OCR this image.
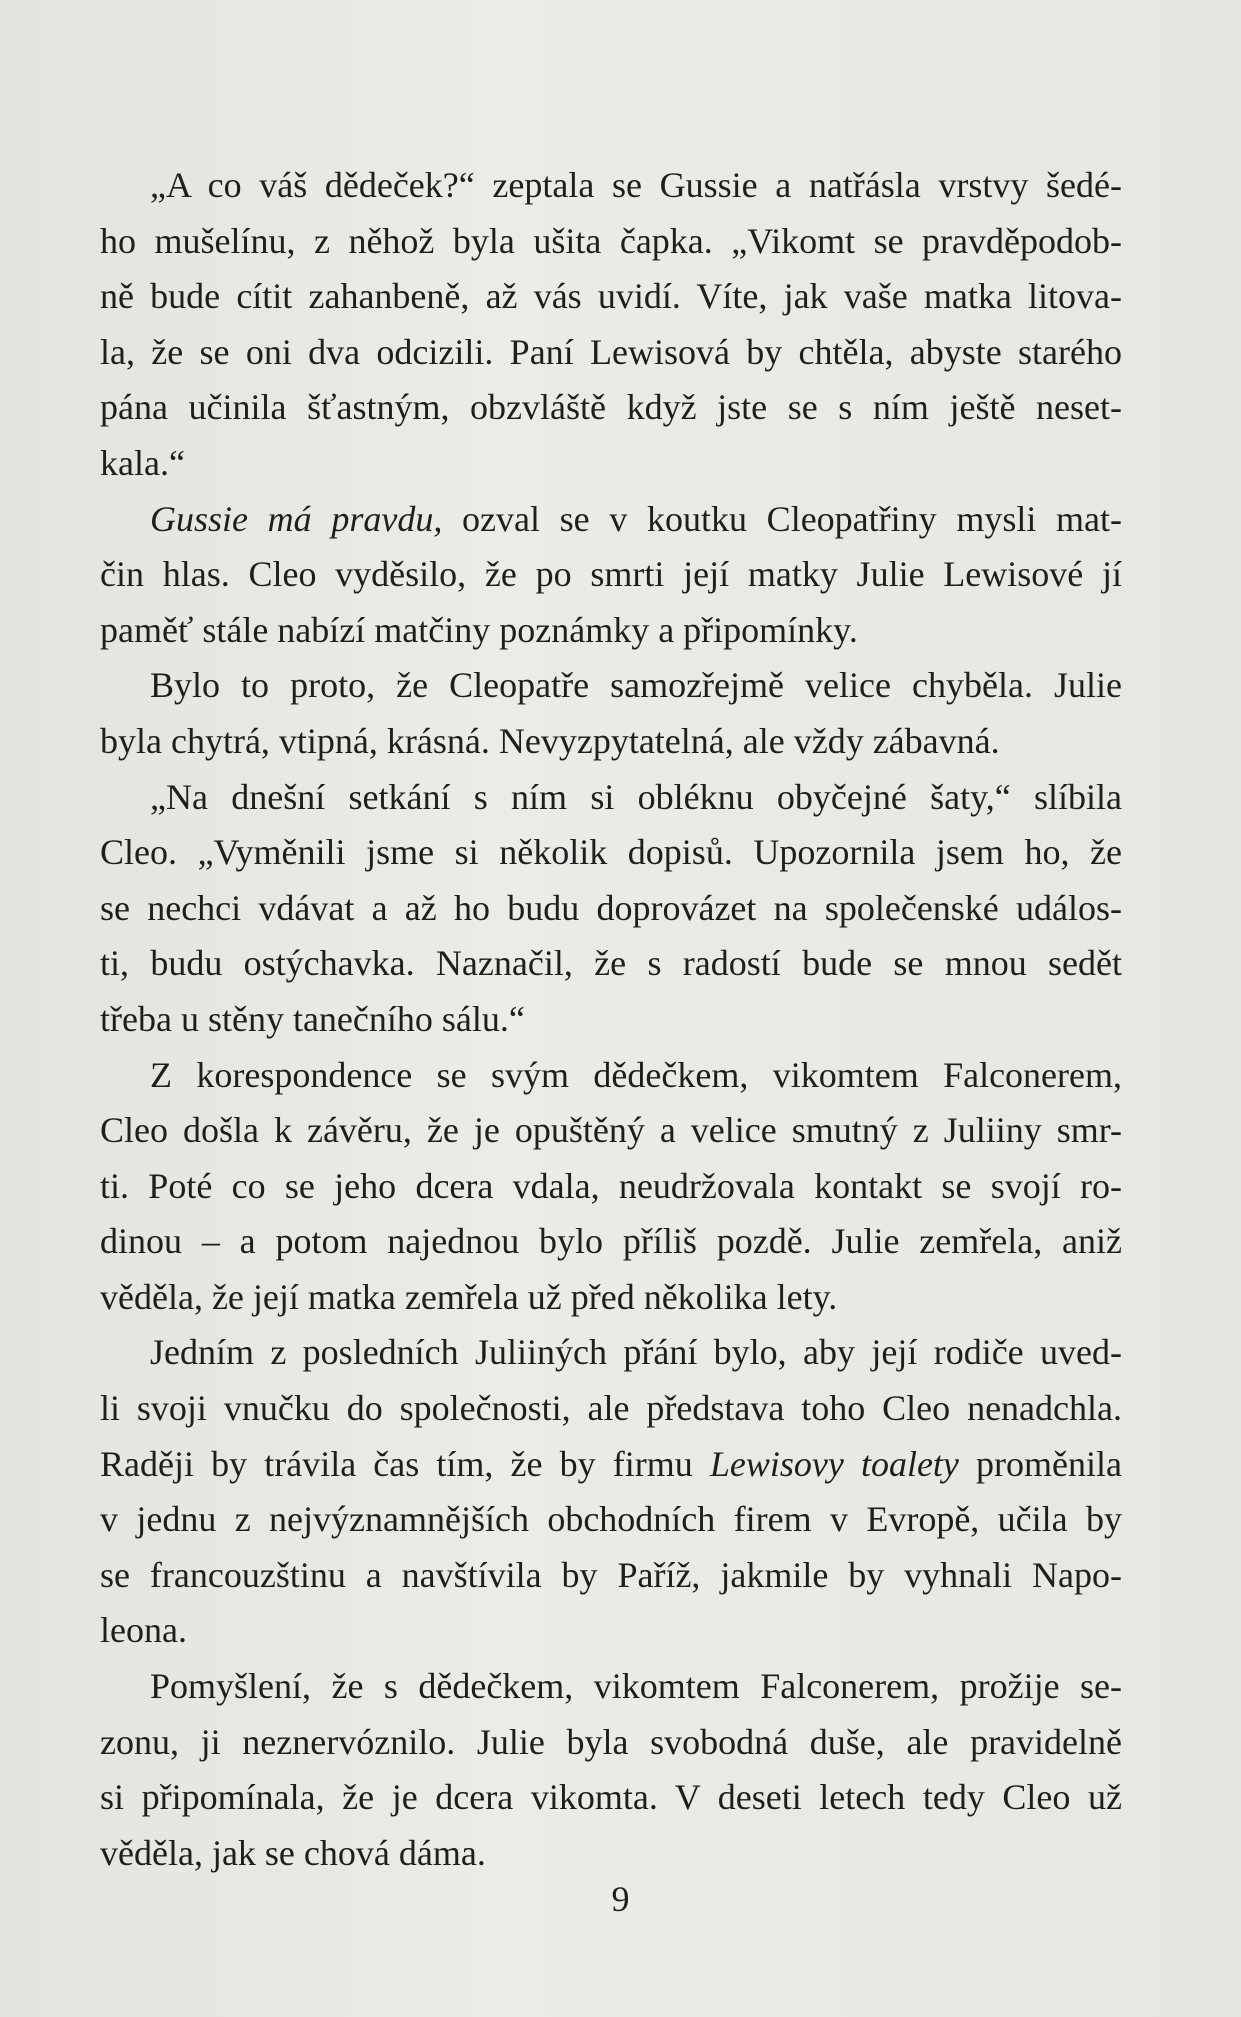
„A co váš dědeček?“ zeptala se Gussie a natřásla vrstvy šedé-
ho mušelínu, z něhož byla ušita čapka. „Vikomt se pravděpodob-
ně bude cítit zahanbeně, až vás uvidí. Víte, jak vaše matka litova-
la, že se oni dva odcizili. Paní Lewisová by chtěla, abyste starého
pána učinila šťastným, obzvláště když jste se s ním ještě neset-
kala.“

Gussie má pravdu, ozval se v koutku Cleopatřiny mysli mat-
čin hlas. Cleo vyděsilo, že po smrti její matky Julie Lewisové jí
paměť stále nabízí matčiny poznámky a připomínky.

Bylo to proto, že Cleopatře samozřejmě velice chyběla. Julie
byla chytrá, vtipná, krásná. Nevyzpytatelná, ale vždy zábavná.

„Na dnešní setkání s ním si obléknu obyčejné šaty,“ slíbila
Cleo. „Vyměnili jsme si několik dopisů. Upozornila jsem ho, že
se nechci vdávat a až ho budu doprovázet na společenské událos-
ti, budu ostýchavka. Naznačil, že s radostí bude se mnou sedět
třeba u stěny tanečního sálu.“

Z korespondence se svým dědečkem, vikomtem Falconerem,
Cleo došla k závěru, že je opuštěný a velice smutný z Juliiny smr-
ti. Poté co se jeho dcera vdala, neudržovala kontakt se svojí ro-
dinou – a potom najednou bylo příliš pozdě. Julie zemřela, aniž
věděla, že její matka zemřela už před několika lety.

Jedním z posledních Juliiných přání bylo, aby její rodiče uved-
li svoji vnučku do společnosti, ale představa toho Cleo nenadchla.
Raději by trávila čas tím, že by firmu Lewisovy toalety proměnila
v jednu z nejvýznamnějších obchodních firem v Evropě, učila by
se francouzštinu a navštívila by Paříž, jakmile by vyhnali Napo-
leona.

Pomyšlení, že s dědečkem, vikomtem Falconerem, prožije se-
zonu, ji neznervóznilo. Julie byla svobodná duše, ale pravidelně
si připomínala, že je dcera vikomta. V deseti letech tedy Cleo už
věděla, jak se chová dáma.

9
